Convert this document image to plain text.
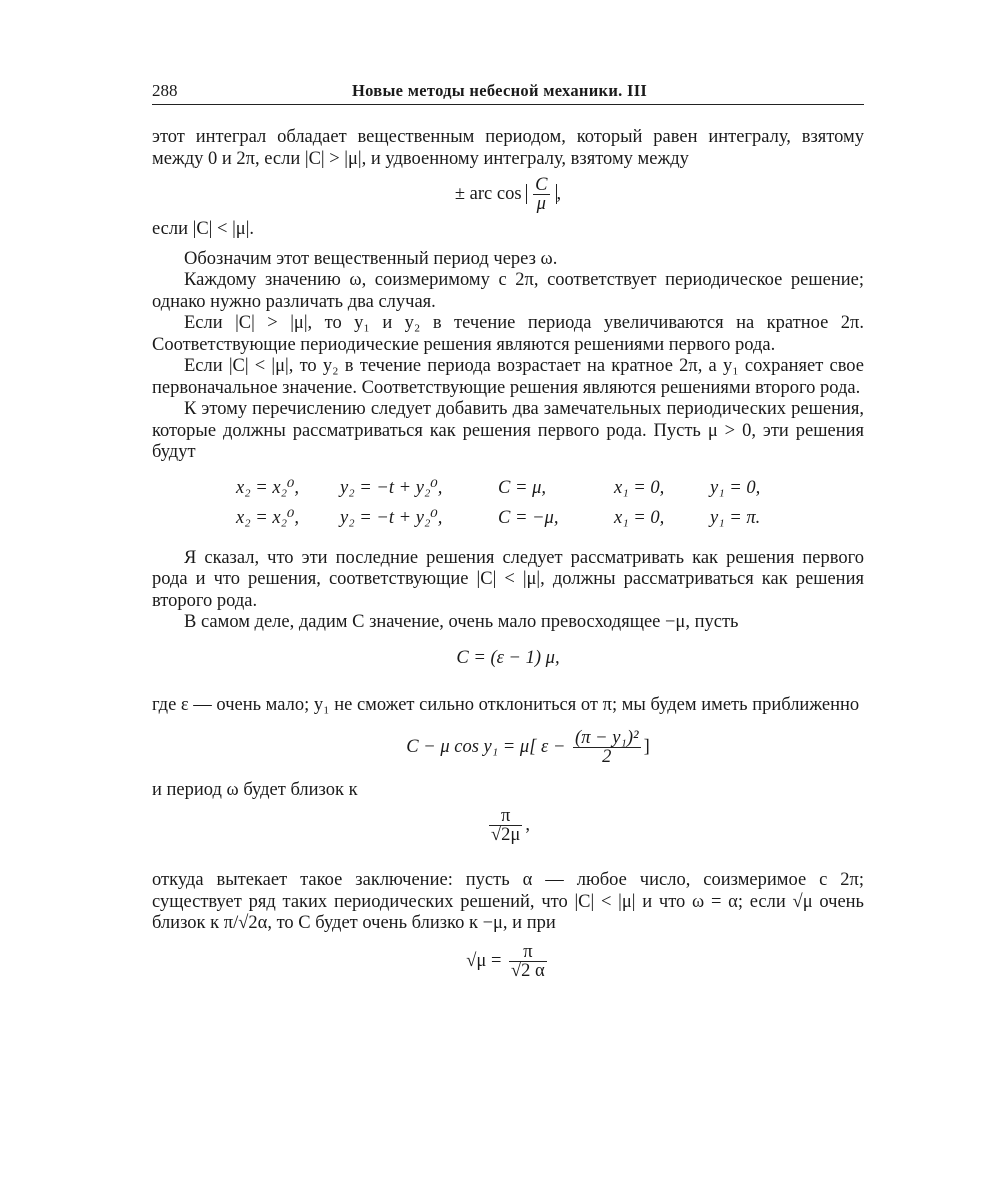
288	Новые методы небесной механики. III

этот интеграл обладает вещественным периодом, который равен интегралу, взятому между 0 и 2π, если |C| > |μ|, и удвоенному интегралу, взятому между

± arc $\cos \frac{C}{\mu}$ ,

если |C| < |μ|.

Обозначим этот вещественный период через ω.

Каждому значению ω, соизмеримому с 2π, соответствует периодическое решение; однако нужно различать два случая.

Если |C| > |μ|, то y₁ и y₂ в течение периода увеличиваются на кратное 2π. Соответствующие периодические решения являются решениями первого рода.

Если |C| < |μ|, то y₂ в течение периода возрастает на кратное 2π, а y₁ сохраняет свое первоначальное значение. Соответствующие решения являются решениями второго рода.

К этому перечислению следует добавить два замечательных периодических решения, которые должны рассматриваться как решения первого рода. Пусть μ > 0, эти решения будут

x₂ = x₂⁰,	y₂ = −t + y₂⁰,	C = μ,	x₁ = 0,	y₁ = 0,
x₂ = x₂⁰,	y₂ = −t + y₂⁰,	C = −μ,	x₁ = 0,	y₁ = π.

Я сказал, что эти последние решения следует рассматривать как решения первого рода и что решения, соответствующие |C| < |μ|, должны рассматриваться как решения второго рода.

В самом деле, дадим C значение, очень мало превосходящее −μ, пусть

C = (ε − 1) μ,

где ε — очень мало; y₁ не сможет сильно отклониться от π; мы будем иметь приближенно

C − μ cos y₁ = μ[ $\varepsilon - \frac{\text{(π − y₁)²}}{2}$ ]

и период ω будет близок к

$\frac{\pi}{√2\mu}$ ,

откуда вытекает такое заключение: пусть α — любое число, соизмеримое с 2π; существует ряд таких периодических решений, что |C| < |μ| и что ω = α; если √μ очень близок к π/√2α, то C будет очень близко к −μ, и при

$√\mu = \frac{\pi}{√2 \alpha}$
